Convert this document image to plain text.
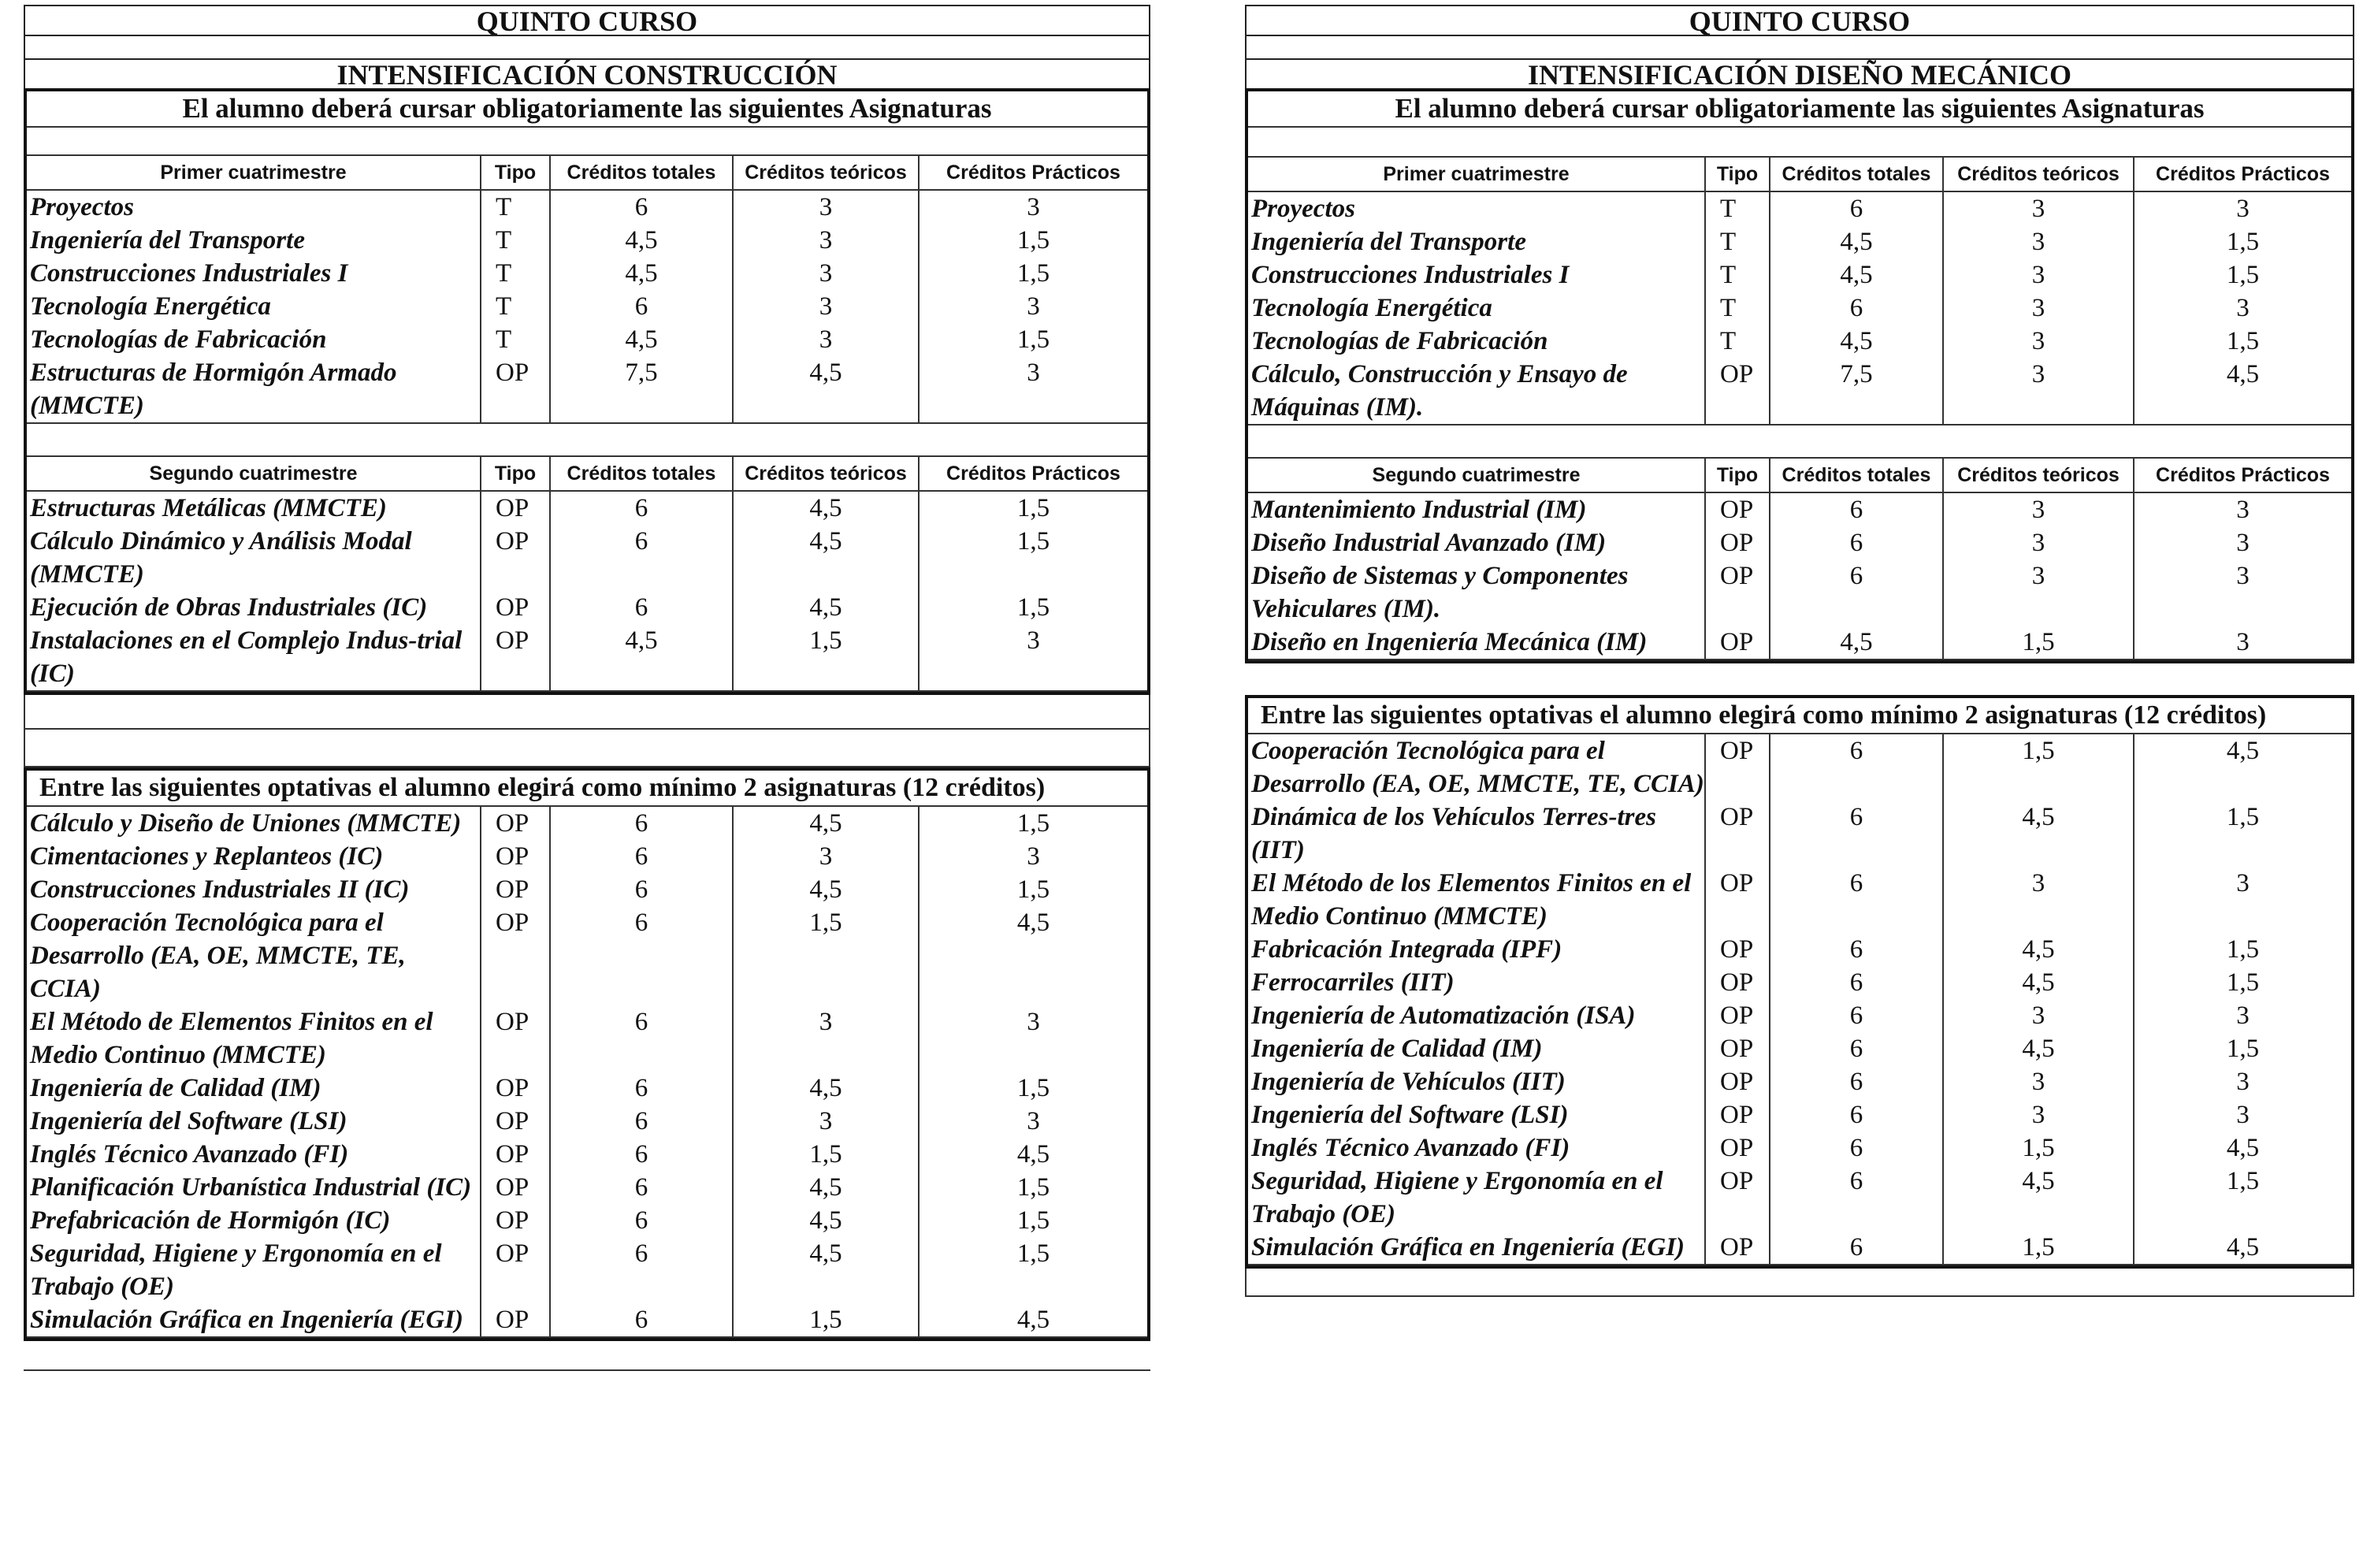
QUINTO CURSO
INTENSIFICACIÓN CONSTRUCCIÓN
El alumno deberá cursar obligatoriamente las siguientes Asignaturas
Primer cuatrimestre	Tipo	Créditos totales	Créditos teóricos	Créditos Prácticos
Proyectos	T	6	3	3
Ingeniería del Transporte	T	4,5	3	1,5
Construcciones Industriales I	T	4,5	3	1,5
Tecnología Energética	T	6	3	3
Tecnologías de Fabricación	T	4,5	3	1,5
Estructuras de Hormigón Armado (MMCTE)	OP	7,5	4,5	3
Segundo cuatrimestre	Tipo	Créditos totales	Créditos teóricos	Créditos Prácticos
Estructuras Metálicas (MMCTE)	OP	6	4,5	1,5
Cálculo Dinámico y Análisis Modal (MMCTE)	OP	6	4,5	1,5
Ejecución de Obras Industriales (IC)	OP	6	4,5	1,5
Instalaciones en el Complejo Indus-trial (IC)	OP	4,5	1,5	3
Entre las siguientes optativas el alumno elegirá como mínimo 2 asignaturas (12 créditos)
Cálculo y Diseño de Uniones (MMCTE)	OP	6	4,5	1,5
Cimentaciones y Replanteos (IC)	OP	6	3	3
Construcciones Industriales II (IC)	OP	6	4,5	1,5
Cooperación Tecnológica para el Desarrollo (EA, OE, MMCTE, TE, CCIA)	OP	6	1,5	4,5
El Método de Elementos Finitos en el Medio Continuo (MMCTE)	OP	6	3	3
Ingeniería de Calidad (IM)	OP	6	4,5	1,5
Ingeniería del Software (LSI)	OP	6	3	3
Inglés Técnico Avanzado (FI)	OP	6	1,5	4,5
Planificación Urbanística Industrial (IC)	OP	6	4,5	1,5
Prefabricación de Hormigón (IC)	OP	6	4,5	1,5
Seguridad, Higiene y Ergonomía en el Trabajo (OE)	OP	6	4,5	1,5
Simulación Gráfica en Ingeniería (EGI)	OP	6	1,5	4,5
QUINTO CURSO
INTENSIFICACIÓN DISEÑO MECÁNICO
El alumno deberá cursar obligatoriamente las siguientes Asignaturas
Primer cuatrimestre	Tipo	Créditos totales	Créditos teóricos	Créditos Prácticos
Proyectos	T	6	3	3
Ingeniería del Transporte	T	4,5	3	1,5
Construcciones Industriales I	T	4,5	3	1,5
Tecnología Energética	T	6	3	3
Tecnologías de Fabricación	T	4,5	3	1,5
Cálculo, Construcción y Ensayo de Máquinas (IM).	OP	7,5	3	4,5
Segundo cuatrimestre	Tipo	Créditos totales	Créditos teóricos	Créditos Prácticos
Mantenimiento Industrial (IM)	OP	6	3	3
Diseño Industrial Avanzado (IM)	OP	6	3	3
Diseño de Sistemas y Componentes Vehiculares (IM).	OP	6	3	3
Diseño en Ingeniería Mecánica (IM)	OP	4,5	1,5	3
Entre las siguientes optativas el alumno elegirá como mínimo 2 asignaturas (12 créditos)
Cooperación Tecnológica para el Desarrollo (EA, OE, MMCTE, TE, CCIA)	OP	6	1,5	4,5
Dinámica de los Vehículos Terres-tres (IIT)	OP	6	4,5	1,5
El Método de los Elementos Finitos en el Medio Continuo (MMCTE)	OP	6	3	3
Fabricación Integrada (IPF)	OP	6	4,5	1,5
Ferrocarriles (IIT)	OP	6	4,5	1,5
Ingeniería de Automatización (ISA)	OP	6	3	3
Ingeniería de Calidad (IM)	OP	6	4,5	1,5
Ingeniería de Vehículos (IIT)	OP	6	3	3
Ingeniería del Software (LSI)	OP	6	3	3
Inglés Técnico Avanzado (FI)	OP	6	1,5	4,5
Seguridad, Higiene y Ergonomía en el Trabajo (OE)	OP	6	4,5	1,5
Simulación Gráfica en Ingeniería (EGI)	OP	6	1,5	4,5
